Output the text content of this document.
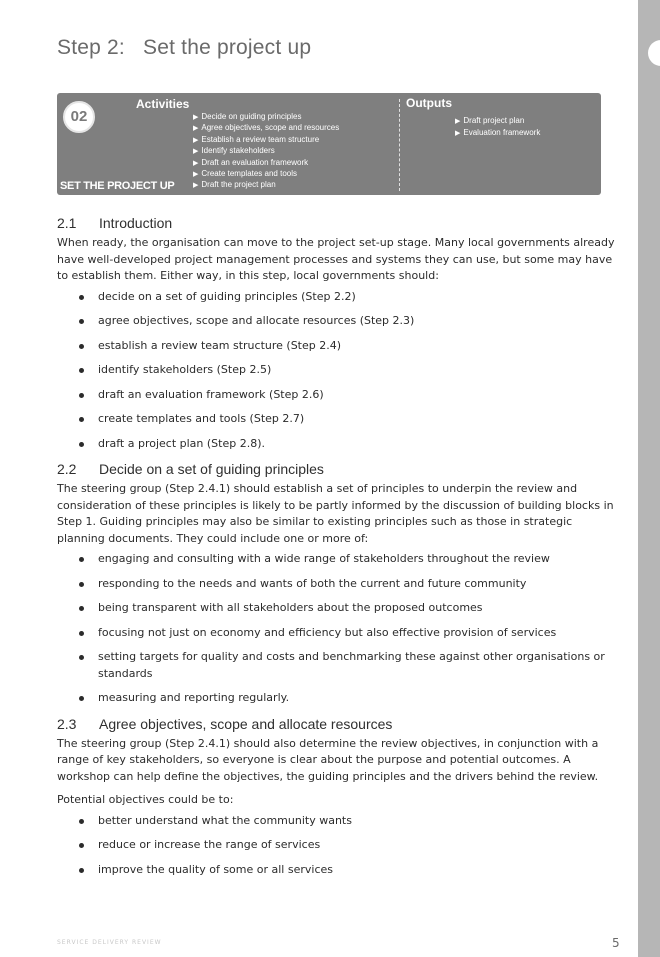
Step 2: Set the project up
02
SET THE PROJECT UP
Activities
▶ Decide on guiding principles
▶ Agree objectives, scope and resources
▶ Establish a review team structure
▶ Identify stakeholders
▶ Draft an evaluation framework
▶ Create templates and tools
▶ Draft the project plan
Outputs
▶ Draft project plan
▶ Evaluation framework
2.1 Introduction

When ready, the organisation can move to the project set-up stage. Many local governments already have well-developed project management processes and systems they can use, but some may have to establish them. Either way, in this step, local governments should:

decide on a set of guiding principles (Step 2.2)
agree objectives, scope and allocate resources (Step 2.3)
establish a review team structure (Step 2.4)
identify stakeholders (Step 2.5)
draft an evaluation framework (Step 2.6)
create templates and tools (Step 2.7)
draft a project plan (Step 2.8).
2.2 Decide on a set of guiding principles

The steering group (Step 2.4.1) should establish a set of principles to underpin the review and consideration of these principles is likely to be partly informed by the discussion of building blocks in Step 1. Guiding principles may also be similar to existing principles such as those in strategic planning documents. They could include one or more of:

engaging and consulting with a wide range of stakeholders throughout the review
responding to the needs and wants of both the current and future community
being transparent with all stakeholders about the proposed outcomes
focusing not just on economy and efficiency but also effective provision of services
setting targets for quality and costs and benchmarking these against other organisations or standards
measuring and reporting regularly.
2.3 Agree objectives, scope and allocate resources

The steering group (Step 2.4.1) should also determine the review objectives, in conjunction with a range of key stakeholders, so everyone is clear about the purpose and potential outcomes. A workshop can help define the objectives, the guiding principles and the drivers behind the review.

Potential objectives could be to:

better understand what the community wants
reduce or increase the range of services
improve the quality of some or all services
SERVICE DELIVERY REVIEW	5
